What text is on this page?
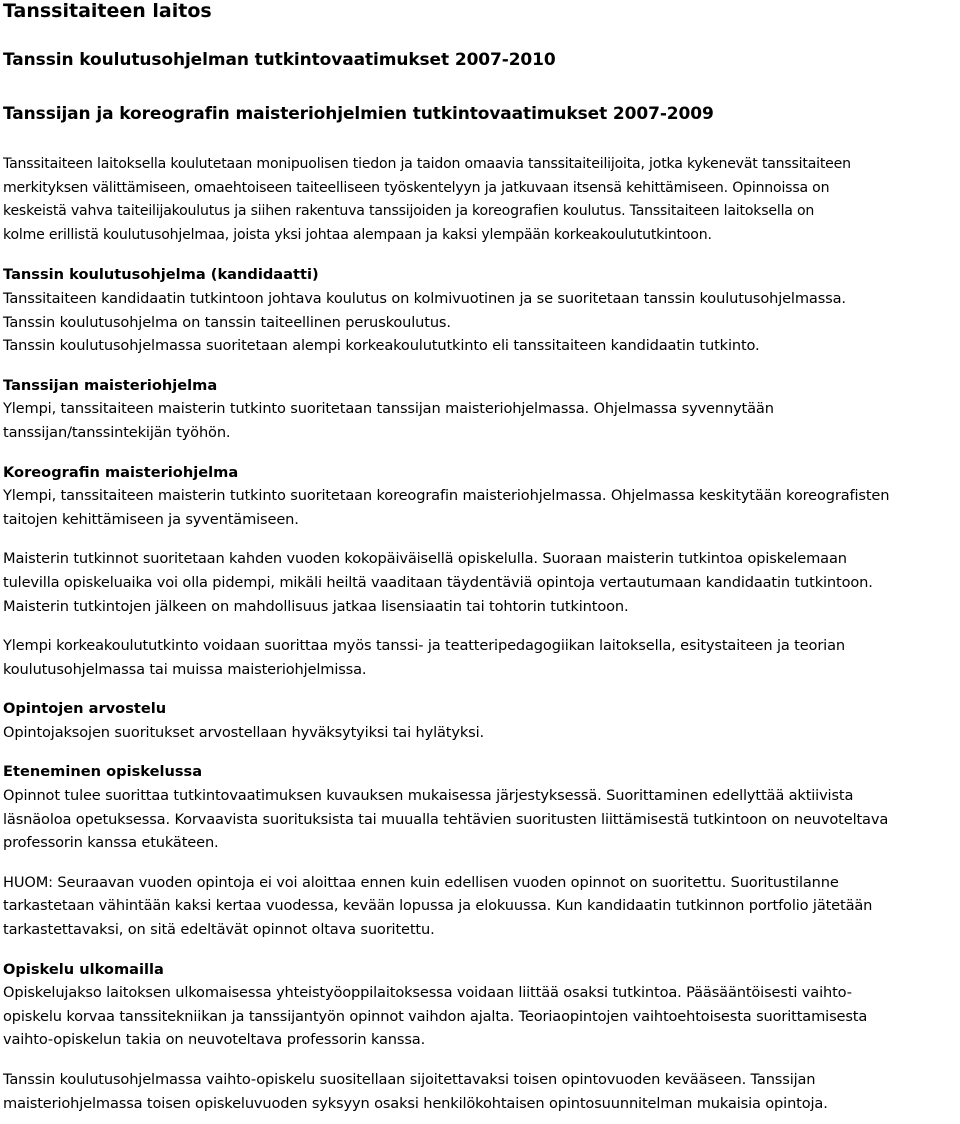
Tanssitaiteen laitos
Tanssin koulutusohjelman tutkintovaatimukset 2007-2010
Tanssijan ja koreografin maisteriohjelmien tutkintovaatimukset 2007-2009
Tanssitaiteen laitoksella koulutetaan monipuolisen tiedon ja taidon omaavia tanssitaiteilijoita, jotka kykenevät tanssitaiteen
merkityksen välittämiseen, omaehtoiseen taiteelliseen työskentelyyn ja jatkuvaan itsensä kehittämiseen. Opinnoissa on
keskeistä vahva taiteilijakoulutus ja siihen rakentuva tanssijoiden ja koreografien koulutus. Tanssitaiteen laitoksella on
kolme erillistä koulutusohjelmaa, joista yksi johtaa alempaan ja kaksi ylempään korkeakoulututkintoon.
Tanssin koulutusohjelma (kandidaatti)
Tanssitaiteen kandidaatin tutkintoon johtava koulutus on kolmivuotinen ja se suoritetaan tanssin koulutusohjelmassa.
Tanssin koulutusohjelma on tanssin taiteellinen peruskoulutus.
Tanssin koulutusohjelmassa suoritetaan alempi korkeakoulututkinto eli tanssitaiteen kandidaatin tutkinto.
Tanssijan maisteriohjelma
Ylempi, tanssitaiteen maisterin tutkinto suoritetaan tanssijan maisteriohjelmassa. Ohjelmassa syvennytään
tanssijan/tanssintekijän työhön.
Koreografin maisteriohjelma
Ylempi, tanssitaiteen maisterin tutkinto suoritetaan koreografin maisteriohjelmassa. Ohjelmassa keskitytään koreografisten
taitojen kehittämiseen ja syventämiseen.
Maisterin tutkinnot suoritetaan kahden vuoden kokopäiväisellä opiskelulla. Suoraan maisterin tutkintoa opiskelemaan
tulevilla opiskeluaika voi olla pidempi, mikäli heiltä vaaditaan täydentäviä opintoja vertautumaan kandidaatin tutkintoon.
Maisterin tutkintojen jälkeen on mahdollisuus jatkaa lisensiaatin tai tohtorin tutkintoon.
Ylempi korkeakoulututkinto voidaan suorittaa myös tanssi- ja teatteripedagogiikan laitoksella, esitystaiteen ja teorian
koulutusohjelmassa tai muissa maisteriohjelmissa.
Opintojen arvostelu
Opintojaksojen suoritukset arvostellaan hyväksytyiksi tai hylätyksi.
Eteneminen opiskelussa
Opinnot tulee suorittaa tutkintovaatimuksen kuvauksen mukaisessa järjestyksessä. Suorittaminen edellyttää aktiivista
läsnäoloa opetuksessa. Korvaavista suorituksista tai muualla tehtävien suoritusten liittämisestä tutkintoon on neuvoteltava
professorin kanssa etukäteen.
HUOM: Seuraavan vuoden opintoja ei voi aloittaa ennen kuin edellisen vuoden opinnot on suoritettu. Suoritustilanne
tarkastetaan vähintään kaksi kertaa vuodessa, kevään lopussa ja elokuussa. Kun kandidaatin tutkinnon portfolio jätetään
tarkastettavaksi, on sitä edeltävät opinnot oltava suoritettu.
Opiskelu ulkomailla
Opiskelujakso laitoksen ulkomaisessa yhteistyöoppilaitoksessa voidaan liittää osaksi tutkintoa. Pääsääntöisesti vaihto-
opiskelu korvaa tanssitekniikan ja tanssijantyön opinnot vaihdon ajalta. Teoriaopintojen vaihtoehtoisesta suorittamisesta
vaihto-opiskelun takia on neuvoteltava professorin kanssa.
Tanssin koulutusohjelmassa vaihto-opiskelu suositellaan sijoitettavaksi toisen opintovuoden kevääseen. Tanssijan
maisteriohjelmassa toisen opiskeluvuoden syksyyn osaksi henkilökohtaisen opintosuunnitelman mukaisia opintoja.
